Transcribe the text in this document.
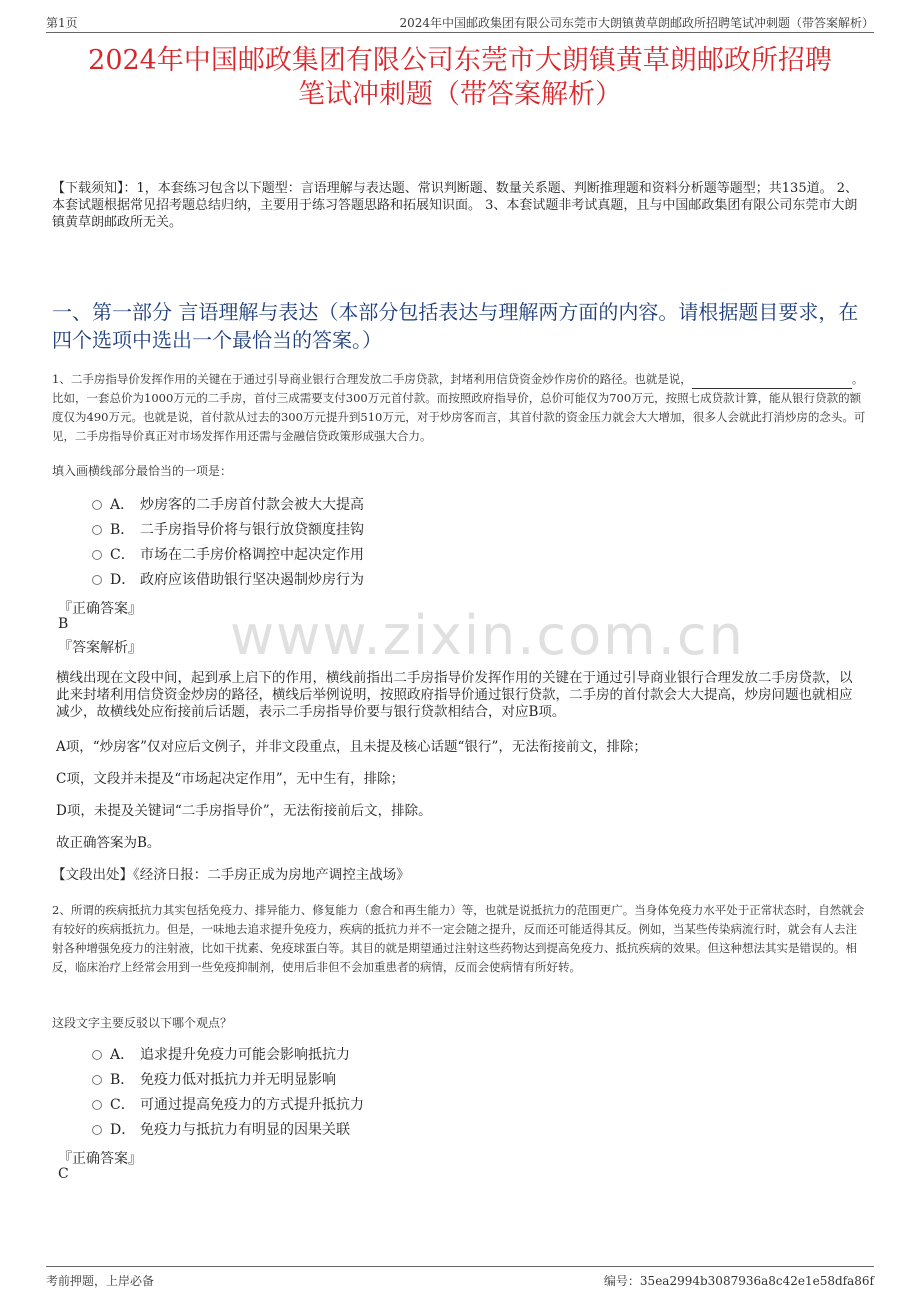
第1页	2024年中国邮政集团有限公司东莞市大朗镇黄草朗邮政所招聘笔试冲刺题（带答案解析）
2024年中国邮政集团有限公司东莞市大朗镇黄草朗邮政所招聘
笔试冲刺题（带答案解析）
【下载须知】：1，本套练习包含以下题型：言语理解与表达题、常识判断题、数量关系题、判断推理题和资料分析题等题型；共135道。 2、本套试题根据常见招考题总结归纳，主要用于练习答题思路和拓展知识面。 3、本套试题非考试真题，且与中国邮政集团有限公司东莞市大朗镇黄草朗邮政所无关。
一、第一部分 言语理解与表达（本部分包括表达与理解两方面的内容。请根据题目要求，在四个选项中选出一个最恰当的答案。）
1、二手房指导价发挥作用的关键在于通过引导商业银行合理发放二手房贷款，封堵利用信贷资金炒作房价的路径。也就是说，	。比如，一套总价为1000万元的二手房，首付三成需要支付300万元首付款。而按照政府指导价，总价可能仅为700万元，按照七成贷款计算，能从银行贷款的额度仅为490万元。也就是说，首付款从过去的300万元提升到510万元，对于炒房客而言，其首付款的资金压力就会大大增加，很多人会就此打消炒房的念头。可见，二手房指导价真正对市场发挥作用还需与金融信贷政策形成强大合力。
填入画横线部分最恰当的一项是：
A． 炒房客的二手房首付款会被大大提高
B． 二手房指导价将与银行放贷额度挂钩
C． 市场在二手房价格调控中起决定作用
D． 政府应该借助银行坚决遏制炒房行为
『正确答案』
B
『答案解析』
横线出现在文段中间，起到承上启下的作用，横线前指出二手房指导价发挥作用的关键在于通过引导商业银行合理发放二手房贷款，以此来封堵利用信贷资金炒房的路径，横线后举例说明，按照政府指导价通过银行贷款，二手房的首付款会大大提高，炒房问题也就相应减少，故横线处应衔接前后话题，表示二手房指导价要与银行贷款相结合，对应B项。
A项，“炒房客”仅对应后文例子，并非文段重点，且未提及核心话题“银行”，无法衔接前文，排除；
C项，文段并未提及“市场起决定作用”，无中生有，排除；
D项，未提及关键词“二手房指导价”，无法衔接前后文，排除。
故正确答案为B。
【文段出处】《经济日报：二手房正成为房地产调控主战场》
2、所谓的疾病抵抗力其实包括免疫力、排异能力、修复能力（愈合和再生能力）等，也就是说抵抗力的范围更广。当身体免疫力水平处于正常状态时，自然就会有较好的疾病抵抗力。但是，一味地去追求提升免疫力，疾病的抵抗力并不一定会随之提升，反而还可能适得其反。例如，当某些传染病流行时，就会有人去注射各种增强免疫力的注射液，比如干扰素、免疫球蛋白等。其目的就是期望通过注射这些药物达到提高免疫力、抵抗疾病的效果。但这种想法其实是错误的。相反，临床治疗上经常会用到一些免疫抑制剂，使用后非但不会加重患者的病情，反而会使病情有所好转。
这段文字主要反驳以下哪个观点？
A． 追求提升免疫力可能会影响抵抗力
B． 免疫力低对抵抗力并无明显影响
C． 可通过提高免疫力的方式提升抵抗力
D． 免疫力与抵抗力有明显的因果关联
『正确答案』
C
www.zixin.com.cn
考前押题，上岸必备	编号：35ea2994b3087936a8c42e1e58dfa86f
